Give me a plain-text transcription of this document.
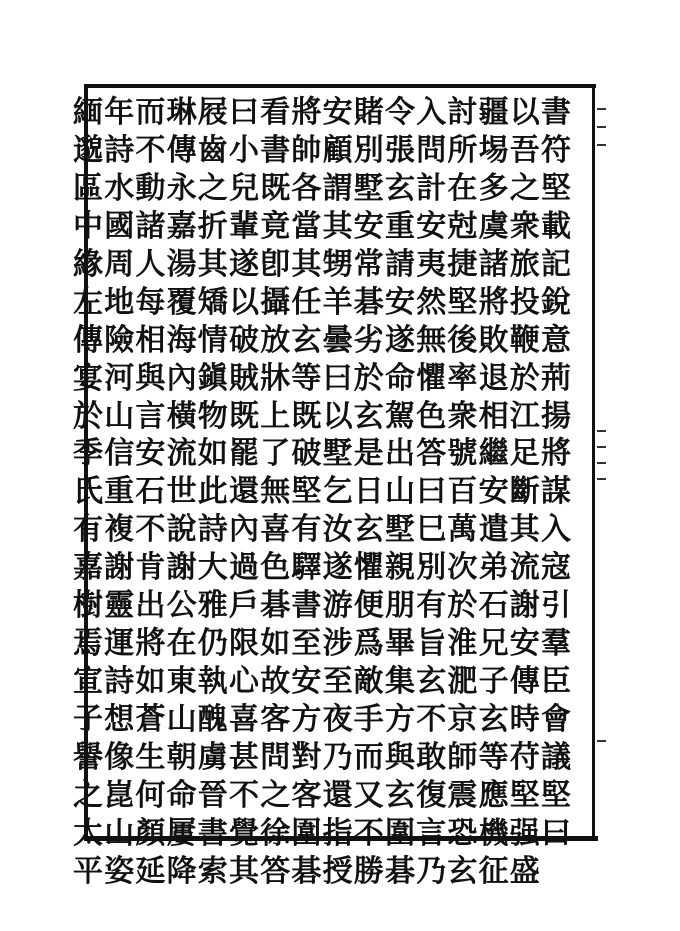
書
符
堅
載
記
銳
意
荊
揚
將
謀
入
寇
引
羣
臣
會
議
堅
曰
以
吾
之
衆
旅
投
鞭
於
江
足
斷
其
流
謝
安
傳
時
苻
堅
强
盛
疆
埸
多
虞
諸
將
敗
退
相
繼
安
遣
弟
石
兄
子
玄
等
應
機
征
討
所
在
尅
捷
堅
後
率
衆
號
百
萬
次
於
淮
淝
京
師
震
恐
玄
入
問
計
安
夷
然
無
懼
色
答
曰
巳
別
有
旨
玄
不
敢
復
言
乃
令
張
玄
重
請
安
遂
命
駕
出
山
墅
親
朋
畢
集
方
與
玄
圍
碁
賭
別
墅
安
常
碁
劣
於
玄
是
日
玄
懼
便
爲
敵
手
而
又
不
勝
安
顧
謂
其
甥
羊
曇
曰
以
墅
乞
汝
遂
游
涉
至
夜
乃
還
指
授
將
帥
各
當
其
任
玄
等
既
破
堅
有
驛
書
至
安
方
對
客
圍
碁
看
書
既
竟
卽
攝
放
牀
上
了
無
喜
色
碁
如
故
客
問
之
徐
答
曰
小
兒
輩
遂
以
破
賊
既
罷
還
內
過
戶
限
心
喜
甚
不
覺
其
屐
齒
之
折
其
矯
情
鎭
物
如
此
詩
大
雅
仍
執
醜
虜
晉
書
索
琳
傳
永
嘉
湯
覆
海
內
橫
流
世
說
謝
公
在
東
山
朝
命
屢
降
而
不
動
諸
人
每
相
與
言
安
石
不
肯
出
將
如
蒼
生
何
顏
延
年
詩
水
國
周
地
險
河
山
信
重
複
謝
靈
運
詩
想
像
崑
山
姿
緬
邈
區
中
緣
左
傳
宴
於
季
氏
有
嘉
樹
焉
宣
子
譽
之
太
平
